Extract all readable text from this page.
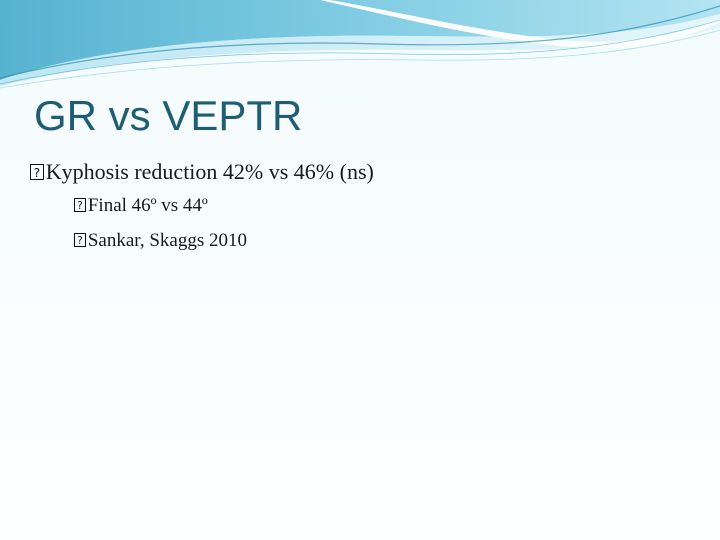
GR vs VEPTR
?
Kyphosis reduction 42% vs 46% (ns)
?
Final 46º vs 44º
?
Sankar, Skaggs 2010
